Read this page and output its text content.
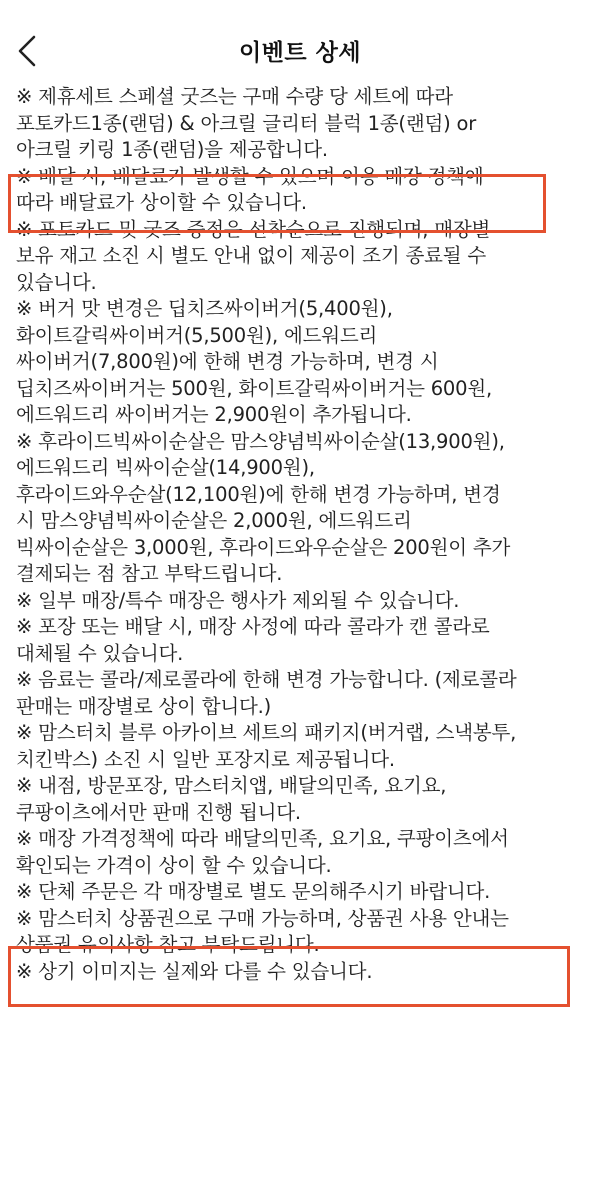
이벤트 상세
※ 제휴세트 스페셜 굿즈는 구매 수량 당 세트에 따라
포토카드1종(랜덤) & 아크릴 글리터 블럭 1종(랜덤) or
아크릴 키링 1종(랜덤)을 제공합니다.
※ 배달 시, 배달료가 발생할 수 있으며 이용 매장 정책에
따라 배달료가 상이할 수 있습니다.
※ 포토카드 및 굿즈 증정은 선착순으로 진행되며, 매장별
보유 재고 소진 시 별도 안내 없이 제공이 조기 종료될 수
있습니다.
※ 버거 맛 변경은 딥치즈싸이버거(5,400원),
화이트갈릭싸이버거(5,500원), 에드워드리
싸이버거(7,800원)에 한해 변경 가능하며, 변경 시
딥치즈싸이버거는 500원, 화이트갈릭싸이버거는 600원,
에드워드리 싸이버거는 2,900원이 추가됩니다.
※ 후라이드빅싸이순살은 맘스양념빅싸이순살(13,900원),
에드워드리 빅싸이순살(14,900원),
후라이드와우순살(12,100원)에 한해 변경 가능하며, 변경
시 맘스양념빅싸이순살은 2,000원, 에드워드리
빅싸이순살은 3,000원, 후라이드와우순살은 200원이 추가
결제되는 점 참고 부탁드립니다.
※ 일부 매장/특수 매장은 행사가 제외될 수 있습니다.
※ 포장 또는 배달 시, 매장 사정에 따라 콜라가 캔 콜라로
대체될 수 있습니다.
※ 음료는 콜라/제로콜라에 한해 변경 가능합니다. (제로콜라
판매는 매장별로 상이 합니다.)
※ 맘스터치 블루 아카이브 세트의 패키지(버거랩, 스낵봉투,
치킨박스) 소진 시 일반 포장지로 제공됩니다.
※ 내점, 방문포장, 맘스터치앱, 배달의민족, 요기요,
쿠팡이츠에서만 판매 진행 됩니다.
※ 매장 가격정책에 따라 배달의민족, 요기요, 쿠팡이츠에서
확인되는 가격이 상이 할 수 있습니다.
※ 단체 주문은 각 매장별로 별도 문의해주시기 바랍니다.
※ 맘스터치 상품권으로 구매 가능하며, 상품권 사용 안내는
상품권 유의사항 참고 부탁드립니다.
※ 상기 이미지는 실제와 다를 수 있습니다.
